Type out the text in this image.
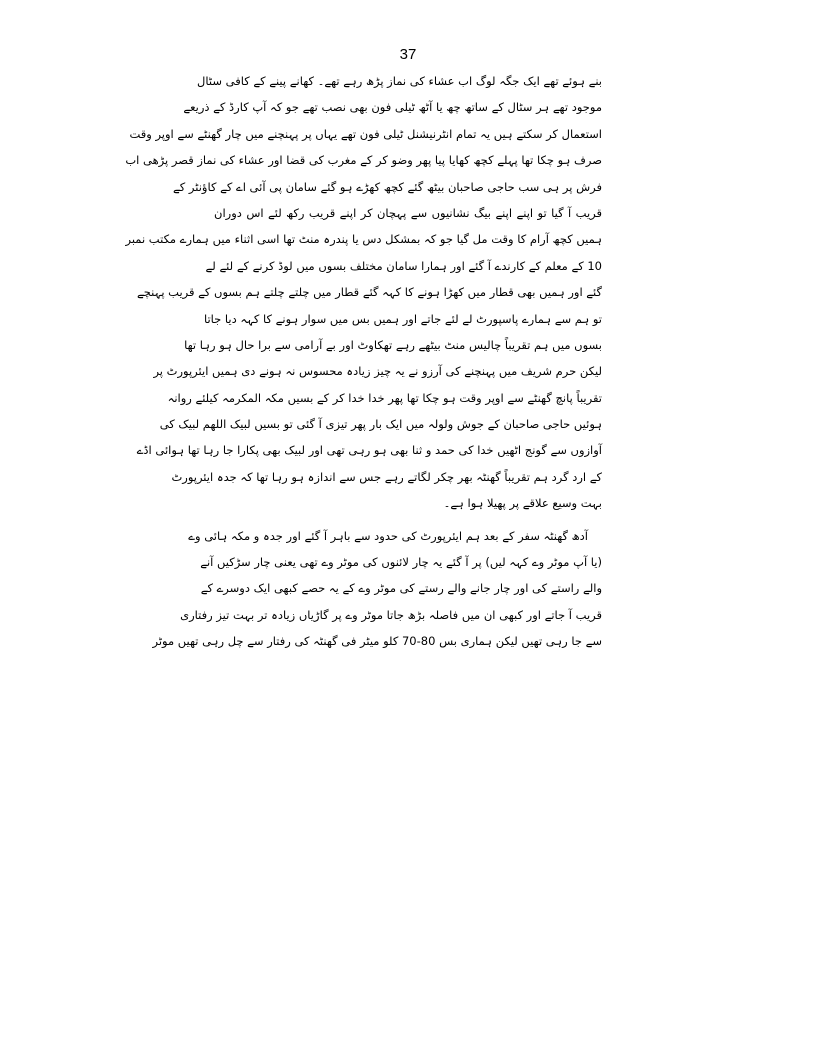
37
بنے ہوئے تھے ایک جگہ لوگ اب عشاء کی نماز پڑھ رہے تھے۔ کھانے پینے کے کافی سٹال
موجود تھے ہر سٹال کے ساتھ چھ یا آٹھ ٹیلی فون بھی نصب تھے جو کہ آپ کارڈ کے ذریعے
استعمال کر سکتے ہیں یہ تمام انٹرنیشنل ٹیلی فون تھے یہاں پر پہنچنے میں چار گھنٹے سے اوپر وقت
صرف ہو چکا تھا پہلے کچھ کھایا پیا پھر وضو کر کے مغرب کی قضا اور عشاء کی نماز قصر پڑھی اب
فرش پر ہی سب حاجی صاحبان بیٹھ گئے کچھ کھڑے ہو گئے سامان پی آئی اے کے کاؤنٹر کے
قریب آ گیا تو اپنے اپنے بیگ نشانیوں سے پہچان کر اپنے قریب رکھ لئے اس دوران
ہمیں کچھ آرام کا وقت مل گیا جو کہ بمشکل دس یا پندرہ منٹ تھا اسی اثناء میں ہمارے مکتب نمبر
10 کے معلم کے کارندے آ گئے اور ہمارا سامان مختلف بسوں میں لوڈ کرنے کے لئے لے
گئے اور ہمیں بھی قطار میں کھڑا ہونے کا کہہ گئے قطار میں چلتے چلتے ہم بسوں کے قریب پہنچے
تو ہم سے ہمارے پاسپورٹ لے لئے جاتے اور ہمیں بس میں سوار ہونے کا کہہ دیا جاتا
بسوں میں ہم تقریباً چالیس منٹ بیٹھے رہے تھکاوٹ اور بے آرامی سے برا حال ہو رہا تھا
لیکن حرم شریف میں پہنچنے کی آرزو نے یہ چیز زیادہ محسوس نہ ہونے دی ہمیں ایئرپورٹ پر
تقریباً پانچ گھنٹے سے اوپر وقت ہو چکا تھا پھر خدا خدا کر کے بسیں مکہ المکرمہ کیلئے روانہ
ہوئیں حاجی صاحبان کے جوش ولولہ میں ایک بار پھر تیزی آ گئی تو بسیں لبیک اللھم لبیک کی
آوازوں سے گونج اٹھیں خدا کی حمد و ثنا بھی ہو رہی تھی اور لبیک بھی پکارا جا رہا تھا ہوائی اڈے
کے ارد گرد ہم تقریباً گھنٹہ بھر چکر لگاتے رہے جس سے اندازہ ہو رہا تھا کہ جدہ ایئرپورٹ
بہت وسیع علاقے پر پھیلا ہوا ہے۔
آدھ گھنٹہ سفر کے بعد ہم ایئرپورٹ کی حدود سے باہر آ گئے اور جدہ و مکہ ہائی وے
(یا آپ موٹر وے کہہ لیں) پر آ گئے یہ چار لائنوں کی موٹر وے تھی یعنی چار سڑکیں آنے
والے راستے کی اور چار جانے والے رستے کی موٹر وے کے یہ حصے کبھی ایک دوسرے کے
قریب آ جاتے اور کبھی ان میں فاصلہ بڑھ جاتا موٹر وے پر گاڑیاں زیادہ تر بہت تیز رفتاری
سے جا رہی تھیں لیکن ہماری بس 80-70 کلو میٹر فی گھنٹہ کی رفتار سے چل رہی تھیں موٹر
